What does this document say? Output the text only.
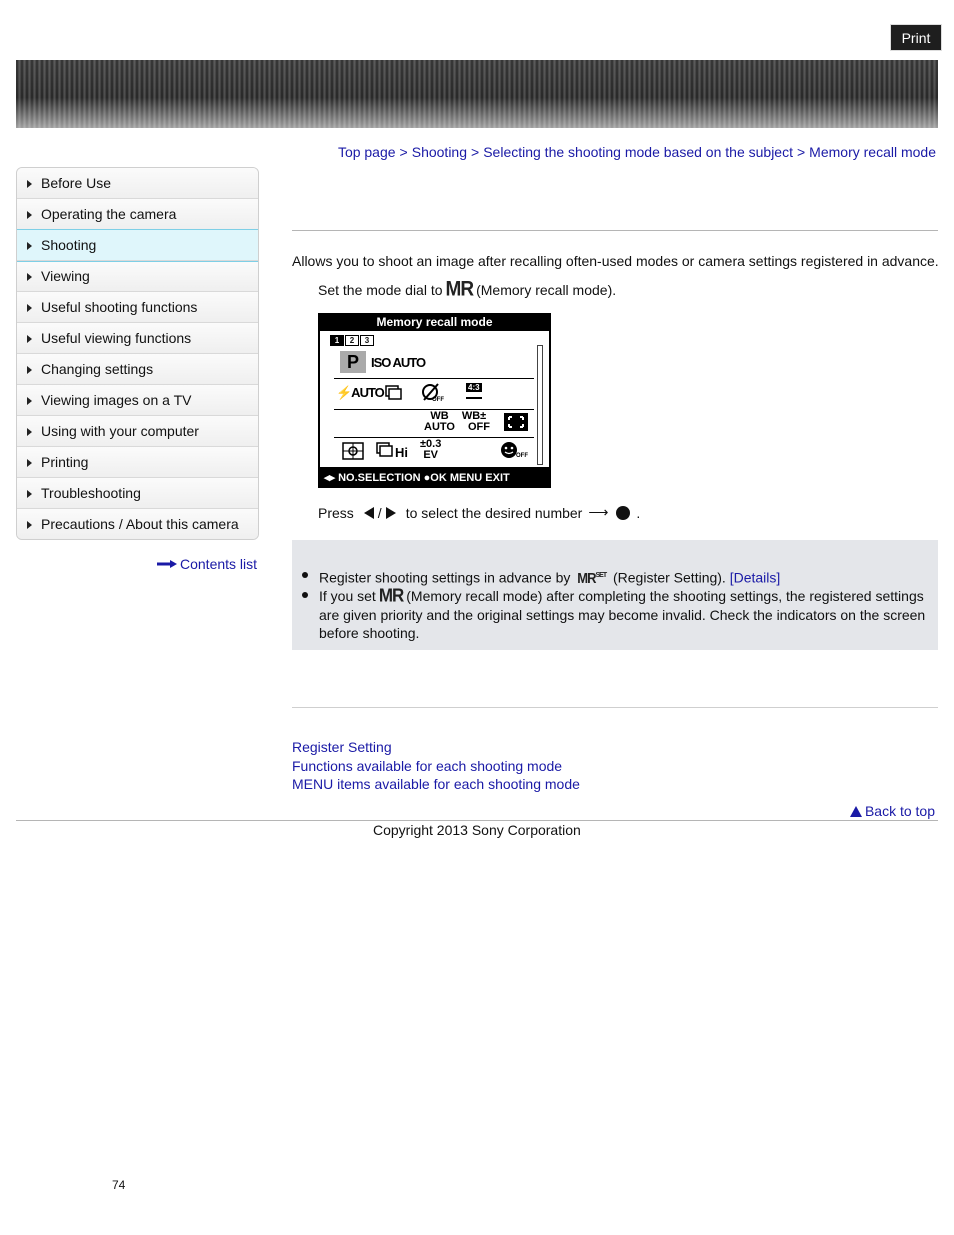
Search	Print
Top page > Shooting > Selecting the shooting mode based on the subject > Memory recall mode
Before Use
Operating the camera
Shooting
Viewing
Useful shooting functions
Useful viewing functions
Changing settings
Viewing images on a TV
Using with your computer
Printing
Troubleshooting
Precautions / About this camera
Contents list
Allows you to shoot an image after recalling often-used modes or camera settings registered in advance.
Set the mode dial to MR (Memory recall mode).
Memory recall mode
1	2	3
P ISO AUTO
⚡AUTO	OFF
4:3
WB
AUTO
WB±
OFF
Hi
±0.3
EV	OFF
◂▸ NO.SELECTION ●OK MENU EXIT
Press / to select the desired number ⟶ .
Register shooting settings in advance by $MR^{SET}$ (Register Setting). [Details]
If you set MR (Memory recall mode) after completing the shooting settings, the registered settings are given priority and the original settings may become invalid. Check the indicators on the screen before shooting.
Register Setting
Functions available for each shooting mode
MENU items available for each shooting mode
Back to top
Copyright 2013 Sony Corporation
74
